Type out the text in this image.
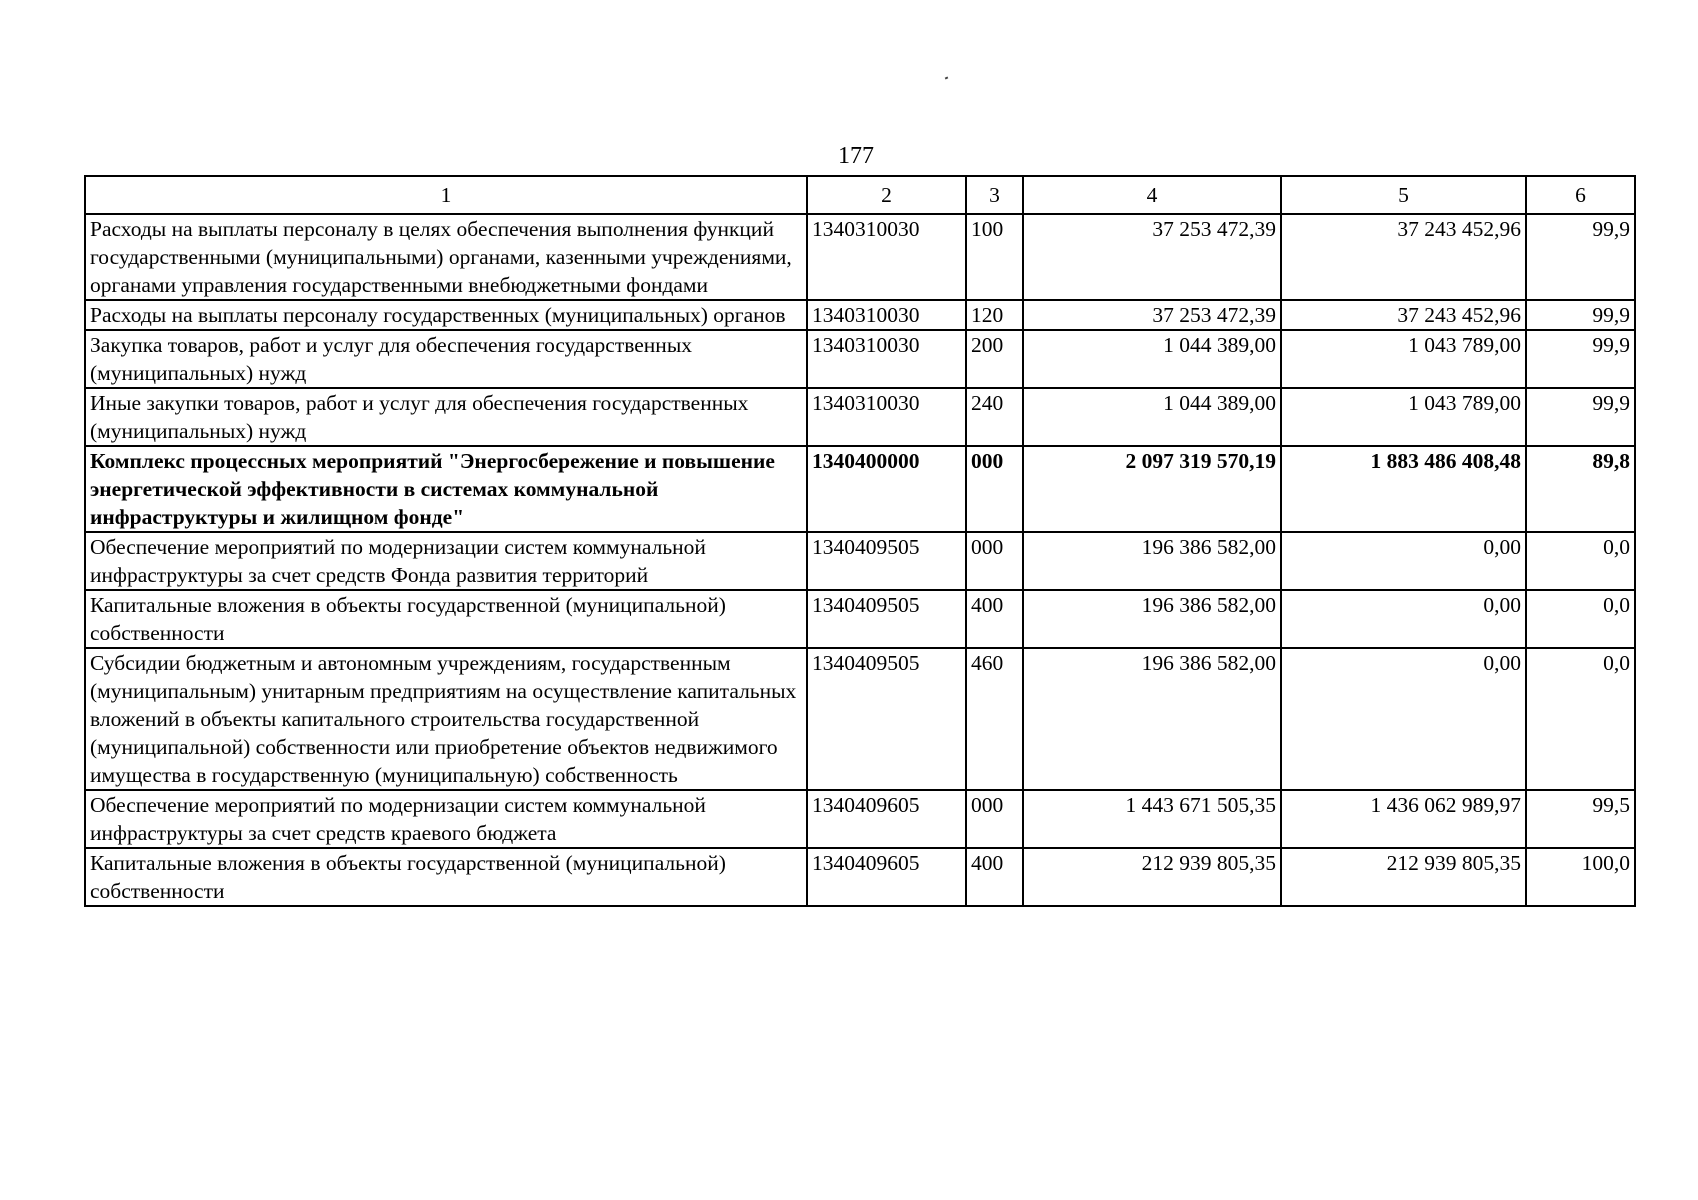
177
1	2	3	4	5	6
Расходы на выплаты персоналу в целях обеспечения выполнения функций государственными (муниципальными) органами, казенными учреждениями, органами управления государственными внебюджетными фондами	1340310030	100	37 253 472,39	37 243 452,96	99,9
Расходы на выплаты персоналу государственных (муниципальных) органов	1340310030	120	37 253 472,39	37 243 452,96	99,9
Закупка товаров, работ и услуг для обеспечения государственных (муниципальных) нужд	1340310030	200	1 044 389,00	1 043 789,00	99,9
Иные закупки товаров, работ и услуг для обеспечения государственных (муниципальных) нужд	1340310030	240	1 044 389,00	1 043 789,00	99,9
Комплекс процессных мероприятий "Энергосбережение и повышение энергетической эффективности в системах коммунальной инфраструктуры и жилищном фонде"	1340400000	000	2 097 319 570,19	1 883 486 408,48	89,8
Обеспечение мероприятий по модернизации систем коммунальной инфраструктуры за счет средств Фонда развития территорий	1340409505	000	196 386 582,00	0,00	0,0
Капитальные вложения в объекты государственной (муниципальной) собственности	1340409505	400	196 386 582,00	0,00	0,0
Субсидии бюджетным и автономным учреждениям, государственным (муниципальным) унитарным предприятиям на осуществление капитальных вложений в объекты капитального строительства государственной (муниципальной) собственности или приобретение объектов недвижимого имущества в государственную (муниципальную) собственность	1340409505	460	196 386 582,00	0,00	0,0
Обеспечение мероприятий по модернизации систем коммунальной инфраструктуры за счет средств краевого бюджета	1340409605	000	1 443 671 505,35	1 436 062 989,97	99,5
Капитальные вложения в объекты государственной (муниципальной) собственности	1340409605	400	212 939 805,35	212 939 805,35	100,0
